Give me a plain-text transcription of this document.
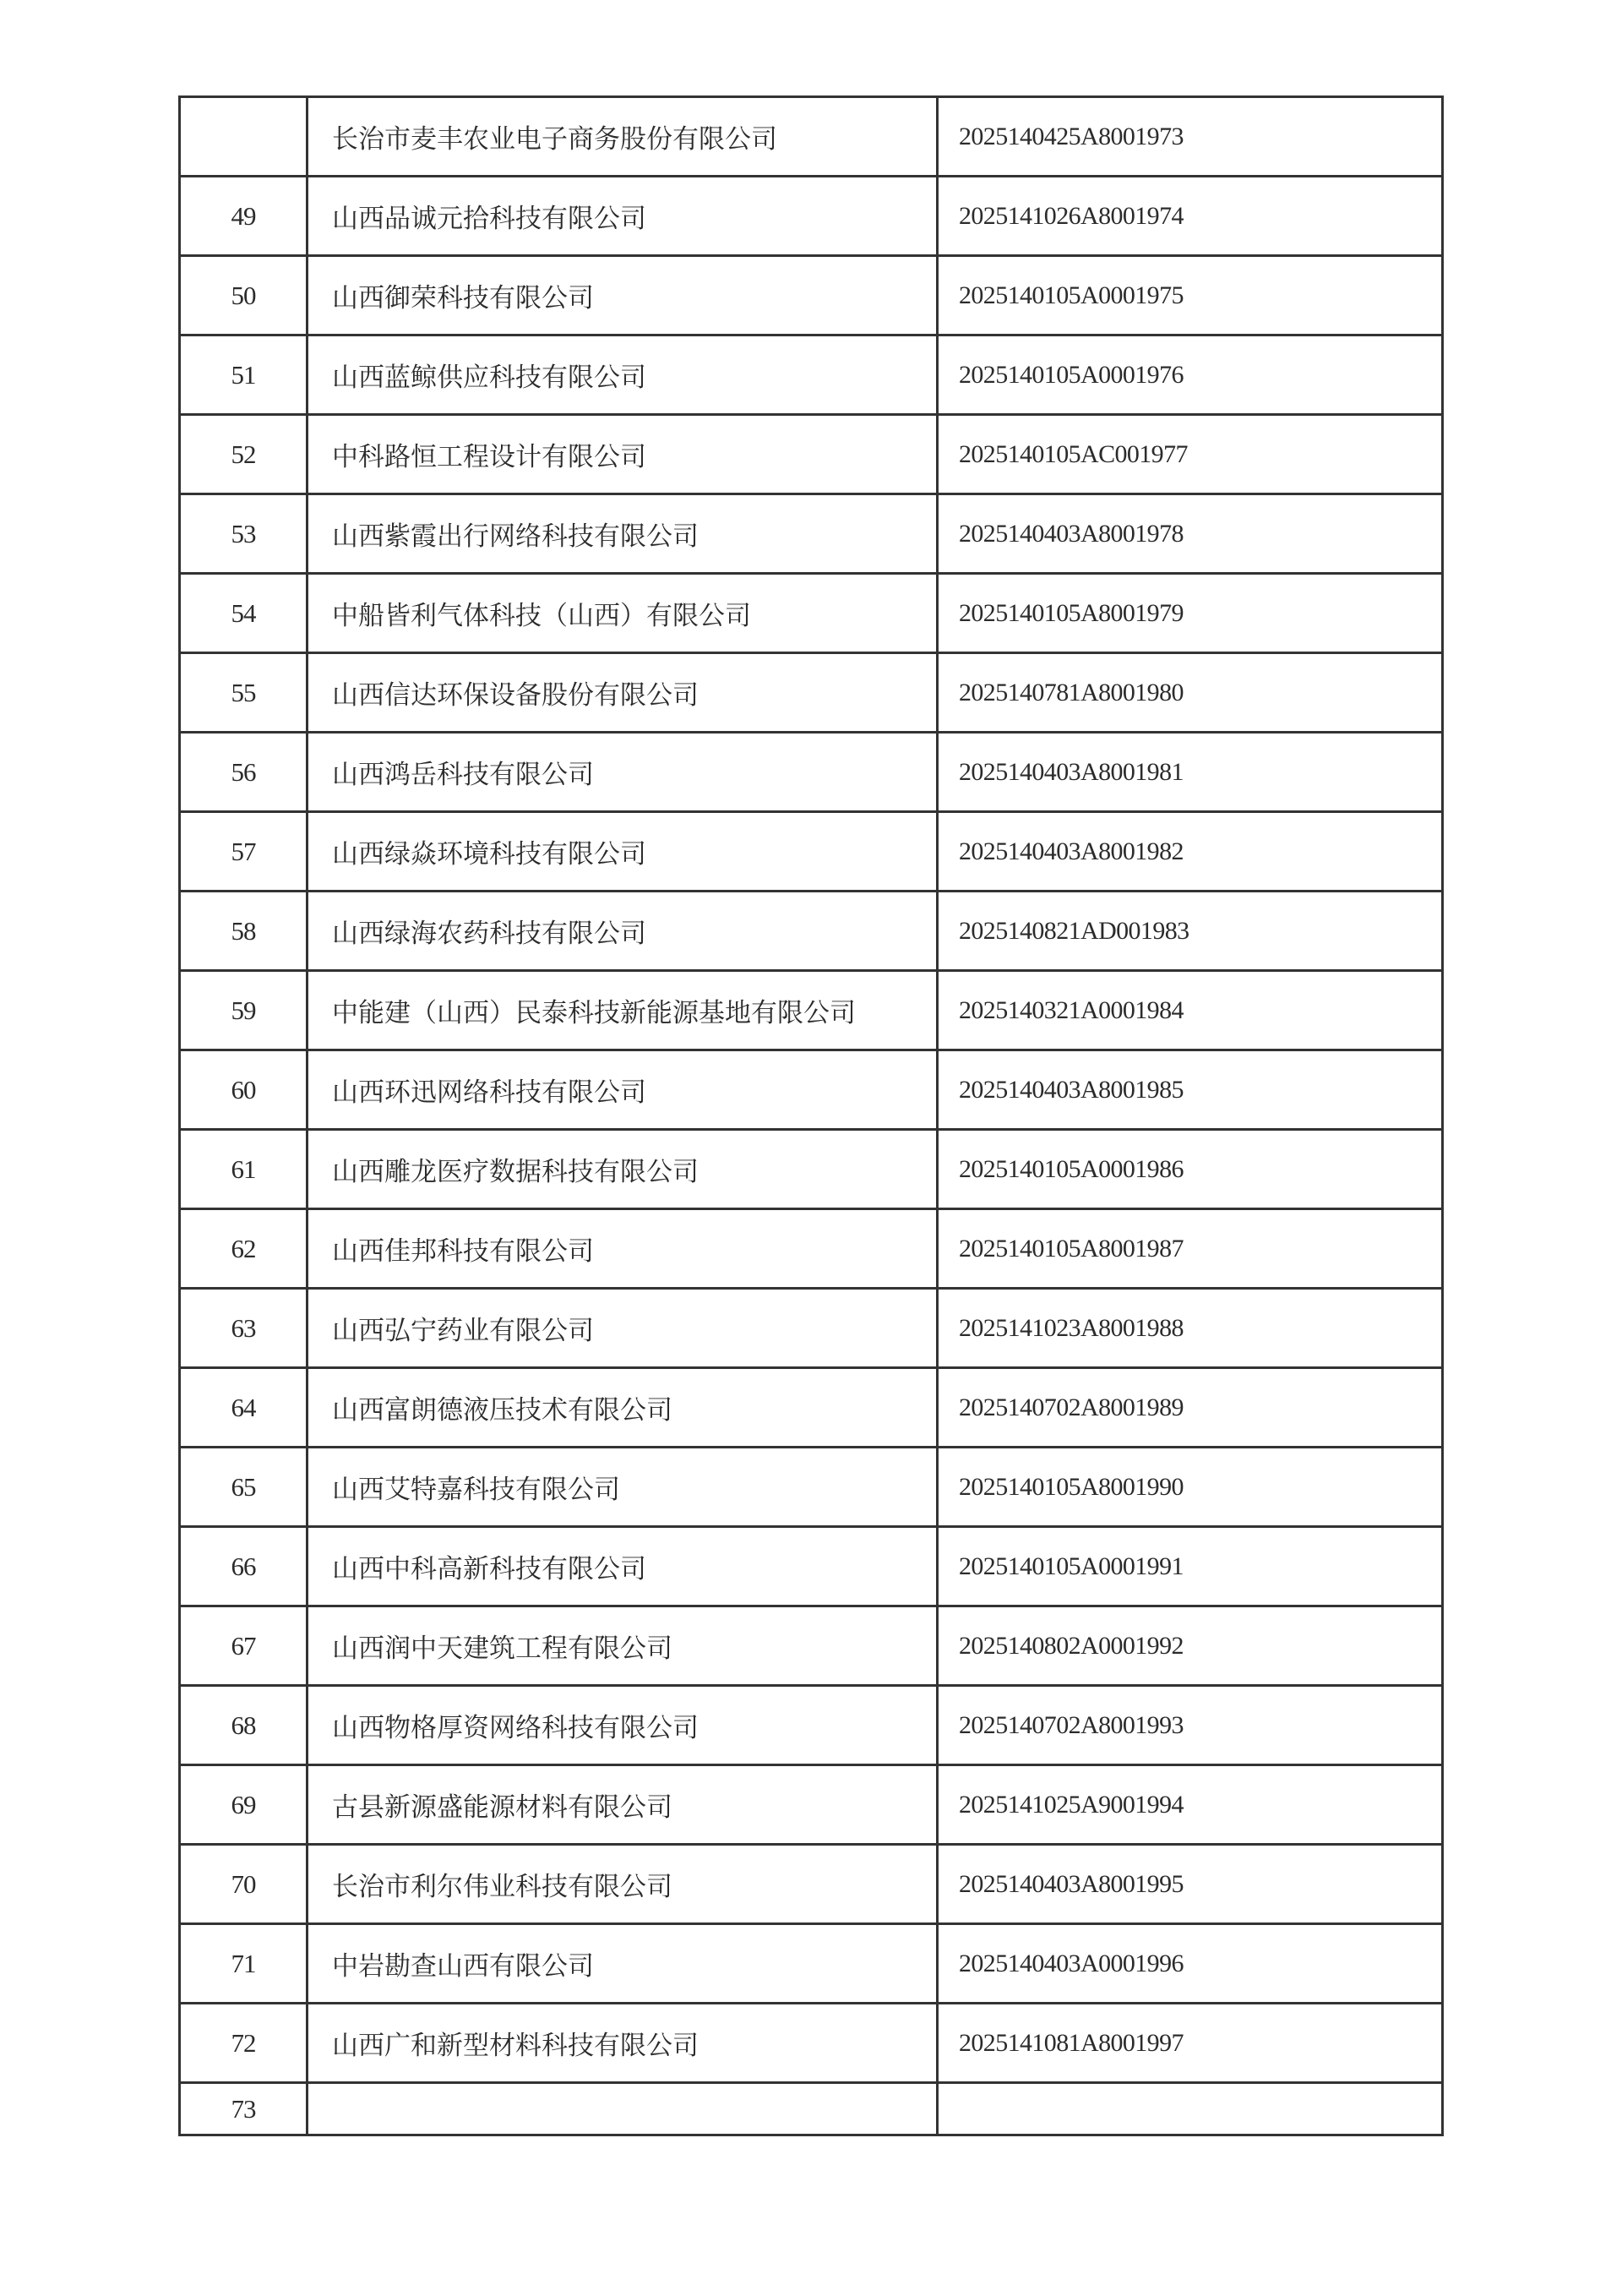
	长治市麦丰农业电子商务股份有限公司	2025140425A8001973
49	山西品诚元拾科技有限公司	2025141026A8001974
50	山西御荣科技有限公司	2025140105A0001975
51	山西蓝鲸供应科技有限公司	2025140105A0001976
52	中科路恒工程设计有限公司	2025140105AC001977
53	山西紫霞出行网络科技有限公司	2025140403A8001978
54	中船皆利气体科技（山西）有限公司	2025140105A8001979
55	山西信达环保设备股份有限公司	2025140781A8001980
56	山西鸿岳科技有限公司	2025140403A8001981
57	山西绿焱环境科技有限公司	2025140403A8001982
58	山西绿海农药科技有限公司	2025140821AD001983
59	中能建（山西）民泰科技新能源基地有限公司	2025140321A0001984
60	山西环迅网络科技有限公司	2025140403A8001985
61	山西雕龙医疗数据科技有限公司	2025140105A0001986
62	山西佳邦科技有限公司	2025140105A8001987
63	山西弘宁药业有限公司	2025141023A8001988
64	山西富朗德液压技术有限公司	2025140702A8001989
65	山西艾特嘉科技有限公司	2025140105A8001990
66	山西中科高新科技有限公司	2025140105A0001991
67	山西润中天建筑工程有限公司	2025140802A0001992
68	山西物格厚资网络科技有限公司	2025140702A8001993
69	古县新源盛能源材料有限公司	2025141025A9001994
70	长治市利尔伟业科技有限公司	2025140403A8001995
71	中岩勘查山西有限公司	2025140403A0001996
72	山西广和新型材料科技有限公司	2025141081A8001997
73		
